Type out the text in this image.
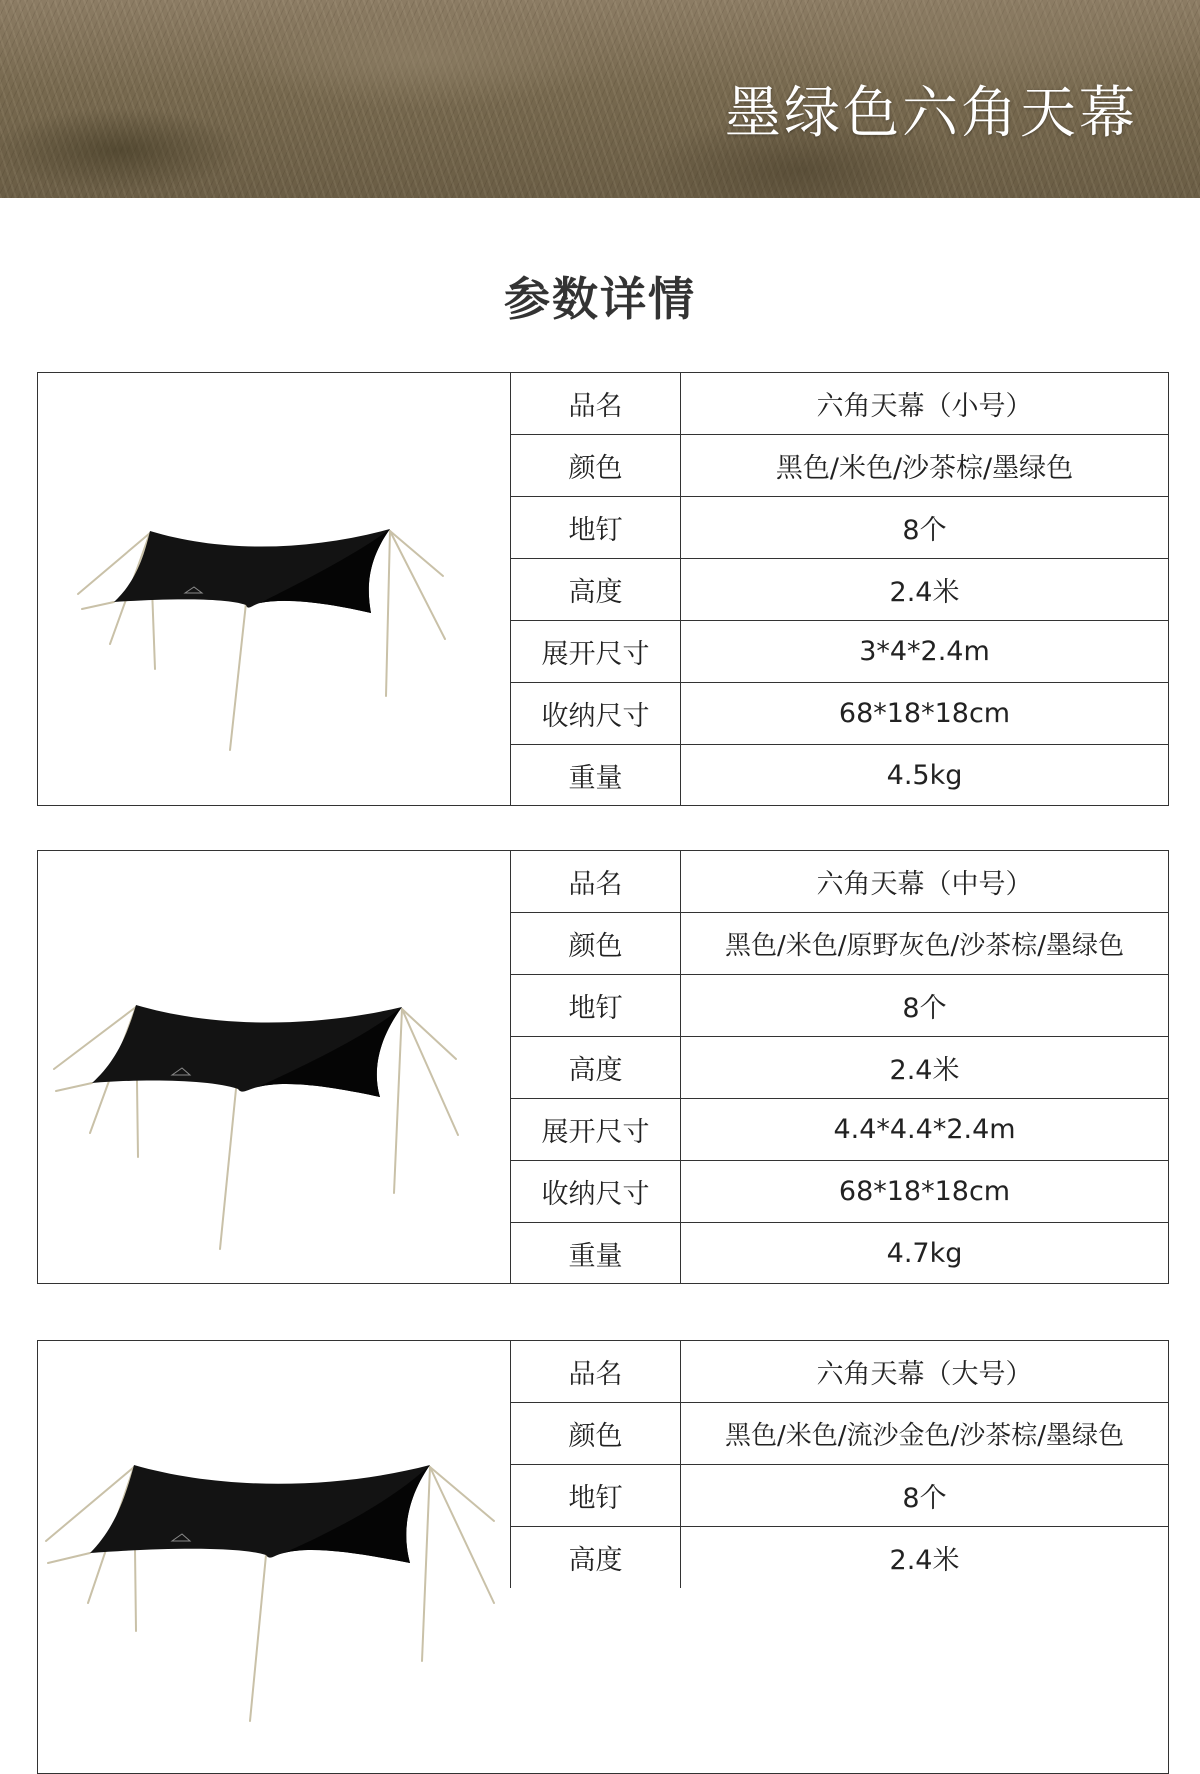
墨绿色六角天幕
参数详情
品名	六角天幕（小号）
颜色	黑色/米色/沙茶棕/墨绿色
地钉	8个
高度	2.4米
展开尺寸	3*4*2.4m
收纳尺寸	68*18*18cm
重量	4.5kg
品名	六角天幕（中号）
颜色	黑色/米色/原野灰色/沙茶棕/墨绿色
地钉	8个
高度	2.4米
展开尺寸	4.4*4.4*2.4m
收纳尺寸	68*18*18cm
重量	4.7kg
品名	六角天幕（大号）
颜色	黑色/米色/流沙金色/沙茶棕/墨绿色
地钉	8个
高度	2.4米
